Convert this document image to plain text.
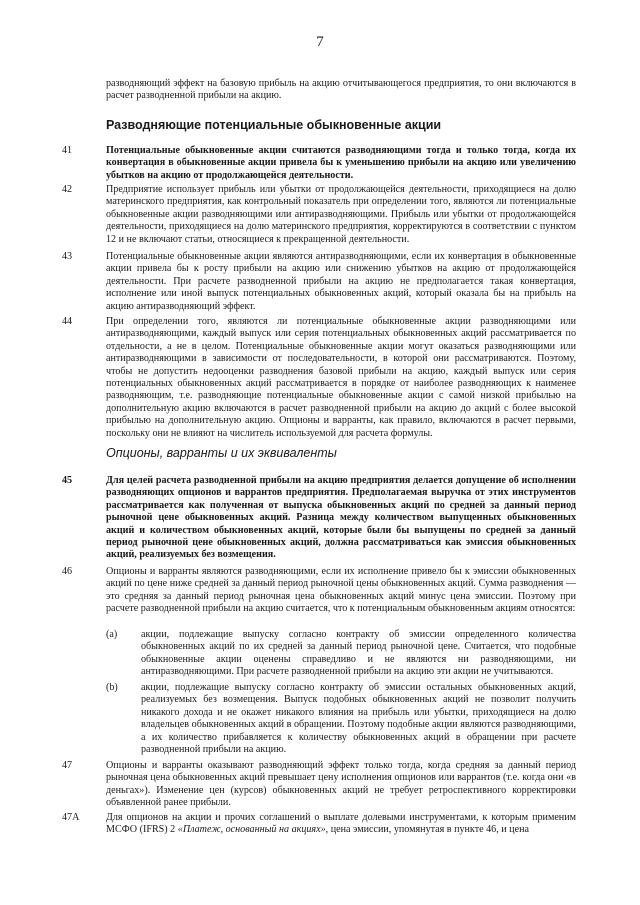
7
разводняющий эффект на базовую прибыль на акцию отчитывающегося предприятия, то они включаются в расчет разводненной прибыли на акцию.
Разводняющие потенциальные обыкновенные акции
41	Потенциальные обыкновенные акции считаются разводняющими тогда и только тогда, когда их конвертация в обыкновенные акции привела бы к уменьшению прибыли на акцию или увеличению убытков на акцию от продолжающейся деятельности.
42	Предприятие использует прибыль или убытки от продолжающейся деятельности, приходящиеся на долю материнского предприятия, как контрольный показатель при определении того, являются ли потенциальные обыкновенные акции разводняющими или антиразводняющими. Прибыль или убытки от продолжающейся деятельности, приходящиеся на долю материнского предприятия, корректируются в соответствии с пунктом 12 и не включают статьи, относящиеся к прекращенной деятельности.
43	Потенциальные обыкновенные акции являются антиразводняющими, если их конвертация в обыкновенные акции привела бы к росту прибыли на акцию или снижению убытков на акцию от продолжающейся деятельности. При расчете разводненной прибыли на акцию не предполагается такая конвертация, исполнение или иной выпуск потенциальных обыкновенных акций, который оказала бы на прибыль на акцию антиразводняющий эффект.
44	При определении того, являются ли потенциальные обыкновенные акции разводняющими или антиразводняющими, каждый выпуск или серия потенциальных обыкновенных акций рассматривается по отдельности, а не в целом. Потенциальные обыкновенные акции могут оказаться разводняющими или антиразводняющими в зависимости от последовательности, в которой они рассматриваются. Поэтому, чтобы не допустить недооценки разводнения базовой прибыли на акцию, каждый выпуск или серия потенциальных обыкновенных акций рассматривается в порядке от наиболее разводняющих к наименее разводняющим, т.е. разводняющие потенциальные обыкновенные акции с самой низкой прибылью на дополнительную акцию включаются в расчет разводненной прибыли на акцию до акций с более высокой прибылью на дополнительную акцию. Опционы и варранты, как правило, включаются в расчет первыми, поскольку они не влияют на числитель используемой для расчета формулы.
Опционы, варранты и их эквиваленты
45	Для целей расчета разводненной прибыли на акцию предприятия делается допущение об исполнении разводняющих опционов и варрантов предприятия. Предполагаемая выручка от этих инструментов рассматривается как полученная от выпуска обыкновенных акций по средней за данный период рыночной цене обыкновенных акций. Разница между количеством выпущенных обыкновенных акций и количеством обыкновенных акций, которые были бы выпущены по средней за данный период рыночной цене обыкновенных акций, должна рассматриваться как эмиссия обыкновенных акций, реализуемых без возмещения.
46	Опционы и варранты являются разводняющими, если их исполнение привело бы к эмиссии обыкновенных акций по цене ниже средней за данный период рыночной цены обыкновенных акций. Сумма разводнения — это средняя за данный период рыночная цена обыкновенных акций минус цена эмиссии. Поэтому при расчете разводненной прибыли на акцию считается, что к потенциальным обыкновенным акциям относятся:
(a) акции, подлежащие выпуску согласно контракту об эмиссии определенного количества обыкновенных акций по их средней за данный период рыночной цене. Считается, что подобные обыкновенные акции оценены справедливо и не являются ни разводняющими, ни антиразводняющими. При расчете разводненной прибыли на акцию эти акции не учитываются.
(b) акции, подлежащие выпуску согласно контракту об эмиссии остальных обыкновенных акций, реализуемых без возмещения. Выпуск подобных обыкновенных акций не позволит получить никакого дохода и не окажет никакого влияния на прибыль или убытки, приходящиеся на долю владельцев обыкновенных акций в обращении. Поэтому подобные акции являются разводняющими, а их количество прибавляется к количеству обыкновенных акций в обращении при расчете разводненной прибыли на акцию.
47	Опционы и варранты оказывают разводняющий эффект только тогда, когда средняя за данный период рыночная цена обыкновенных акций превышает цену исполнения опционов или варрантов (т.е. когда они «в деньгах»). Изменение цен (курсов) обыкновенных акций не требует ретроспективного корректировки объявленной ранее прибыли.
47A	Для опционов на акции и прочих соглашений о выплате долевыми инструментами, к которым применим МСФО (IFRS) 2 «Платеж, основанный на акциях», цена эмиссии, упомянутая в пункте 46, и цена
